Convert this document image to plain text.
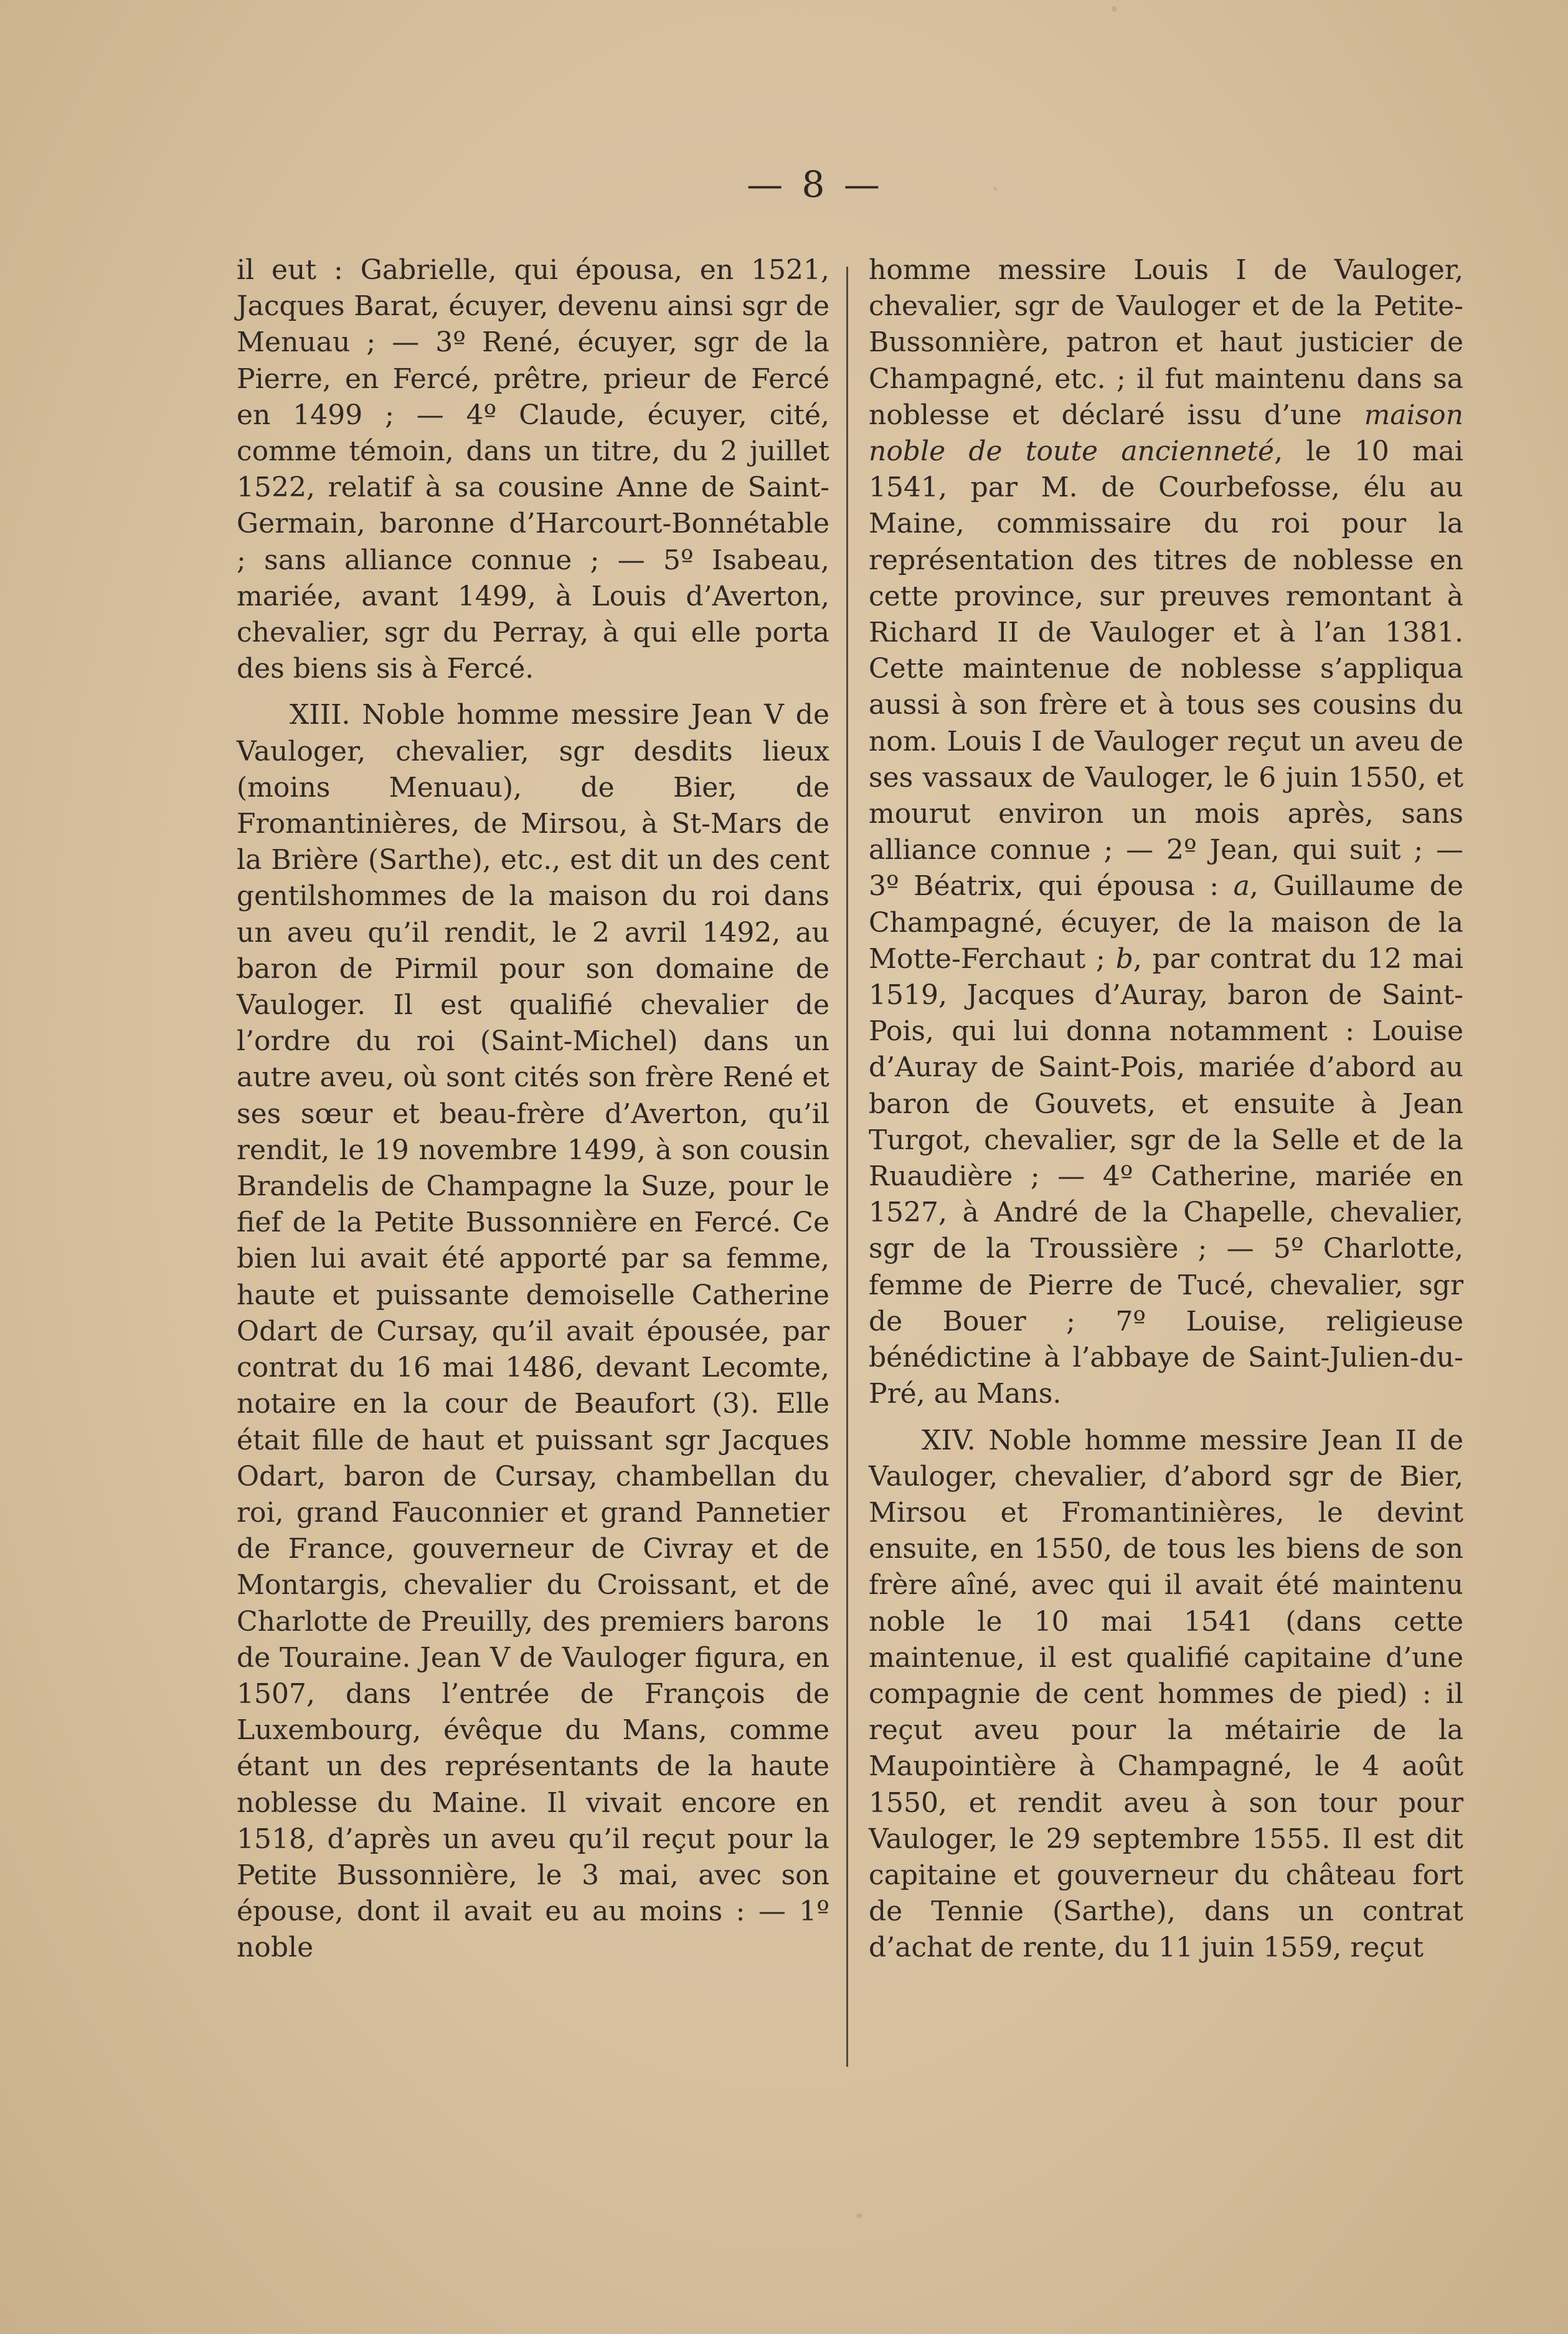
— 8 —

il eut : Gabrielle, qui épousa, en 1521, Jacques Barat, écuyer, devenu ainsi sgr de Menuau ; — 3º René, écuyer, sgr de la Pierre, en Fercé, prêtre, prieur de Fercé en 1499 ; — 4º Claude, écuyer, cité, comme témoin, dans un titre, du 2 juillet 1522, relatif à sa cousine Anne de Saint-Germain, baronne d’Harcourt-Bonnétable ; sans alliance connue ; — 5º Isabeau, mariée, avant 1499, à Louis d’Averton, chevalier, sgr du Perray, à qui elle porta des biens sis à Fercé.

XIII. Noble homme messire Jean V de Vauloger, chevalier, sgr desdits lieux (moins Menuau), de Bier, de Fromantinières, de Mirsou, à St-Mars de la Brière (Sarthe), etc., est dit un des cent gentilshommes de la maison du roi dans un aveu qu’il rendit, le 2 avril 1492, au baron de Pirmil pour son domaine de Vauloger. Il est qualifié chevalier de l’ordre du roi (Saint-Michel) dans un autre aveu, où sont cités son frère René et ses sœur et beau-frère d’Averton, qu’il rendit, le 19 novembre 1499, à son cousin Brandelis de Champagne la Suze, pour le fief de la Petite Bussonnière en Fercé. Ce bien lui avait été apporté par sa femme, haute et puissante demoiselle Catherine Odart de Cursay, qu’il avait épousée, par contrat du 16 mai 1486, devant Lecomte, notaire en la cour de Beaufort (3). Elle était fille de haut et puissant sgr Jacques Odart, baron de Cursay, chambellan du roi, grand Fauconnier et grand Pannetier de France, gouverneur de Civray et de Montargis, chevalier du Croissant, et de Charlotte de Preuilly, des premiers barons de Touraine. Jean V de Vauloger figura, en 1507, dans l’entrée de François de Luxembourg, évêque du Mans, comme étant un des représentants de la haute noblesse du Maine. Il vivait encore en 1518, d’après un aveu qu’il reçut pour la Petite Bussonnière, le 3 mai, avec son épouse, dont il avait eu au moins : — 1º noble

homme messire Louis I de Vauloger, chevalier, sgr de Vauloger et de la Petite-Bussonnière, patron et haut justicier de Champagné, etc. ; il fut maintenu dans sa noblesse et déclaré issu d’une maison noble de toute ancienneté, le 10 mai 1541, par M. de Courbefosse, élu au Maine, commissaire du roi pour la représentation des titres de noblesse en cette province, sur preuves remontant à Richard II de Vauloger et à l’an 1381. Cette maintenue de noblesse s’appliqua aussi à son frère et à tous ses cousins du nom. Louis I de Vauloger reçut un aveu de ses vassaux de Vauloger, le 6 juin 1550, et mourut environ un mois après, sans alliance connue ; — 2º Jean, qui suit ; — 3º Béatrix, qui épousa : a, Guillaume de Champagné, écuyer, de la maison de la Motte-Ferchaut ; b, par contrat du 12 mai 1519, Jacques d’Auray, baron de Saint-Pois, qui lui donna notamment : Louise d’Auray de Saint-Pois, mariée d’abord au baron de Gouvets, et ensuite à Jean Turgot, chevalier, sgr de la Selle et de la Ruaudière ; — 4º Catherine, mariée en 1527, à André de la Chapelle, chevalier, sgr de la Troussière ; — 5º Charlotte, femme de Pierre de Tucé, chevalier, sgr de Bouer ; 7º Louise, religieuse bénédictine à l’abbaye de Saint-Julien-du-Pré, au Mans.

XIV. Noble homme messire Jean II de Vauloger, chevalier, d’abord sgr de Bier, Mirsou et Fromantinières, le devint ensuite, en 1550, de tous les biens de son frère aîné, avec qui il avait été maintenu noble le 10 mai 1541 (dans cette maintenue, il est qualifié capitaine d’une compagnie de cent hommes de pied) : il reçut aveu pour la métairie de la Maupointière à Champagné, le 4 août 1550, et rendit aveu à son tour pour Vauloger, le 29 septembre 1555. Il est dit capitaine et gouverneur du château fort de Tennie (Sarthe), dans un contrat d’achat de rente, du 11 juin 1559, reçut
